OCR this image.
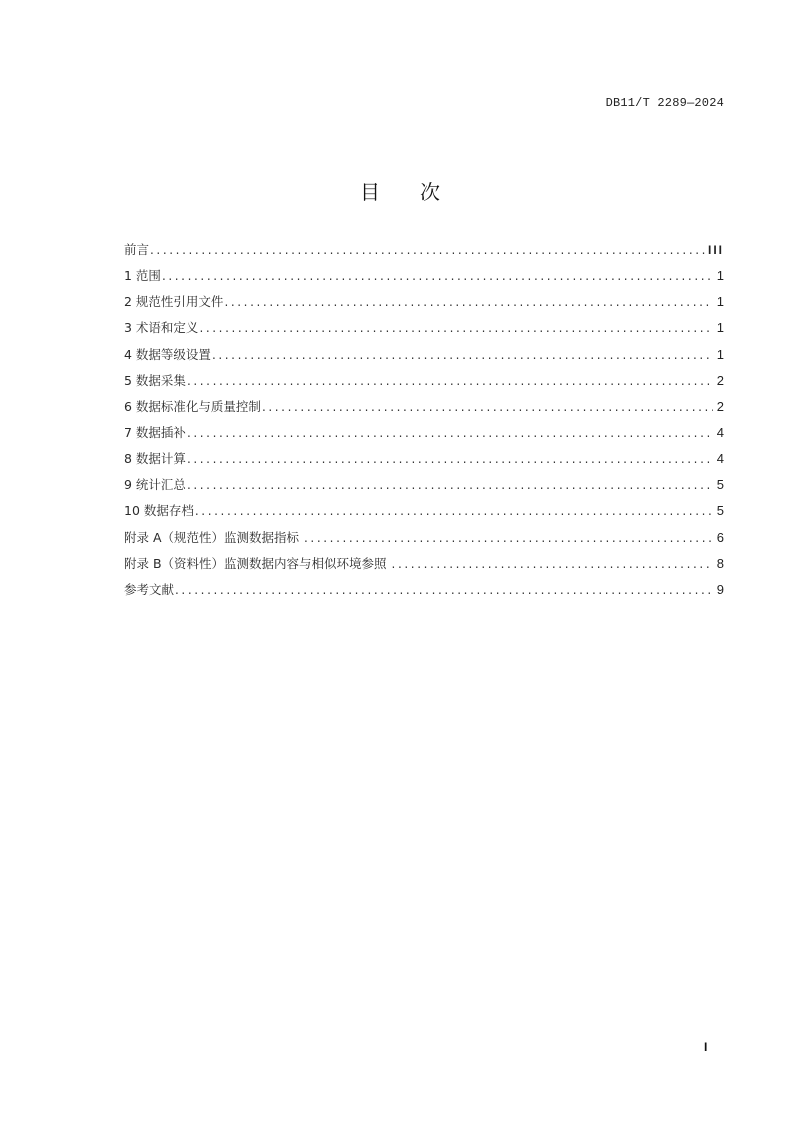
DB11/T 2289—2024
目 次
前言 .....	III
1 范围 .....	1
2 规范性引用文件 .....	1
3 术语和定义 .....	1
4 数据等级设置 .....	1
5 数据采集 .....	2
6 数据标准化与质量控制 .....	2
7 数据插补 .....	4
8 数据计算 .....	4
9 统计汇总 .....	5
10 数据存档 .....	5
附录 A（规范性）监测数据指标 .....	6
附录 B（资料性）监测数据内容与相似环境参照 .....	8
参考文献 .....	9
I
